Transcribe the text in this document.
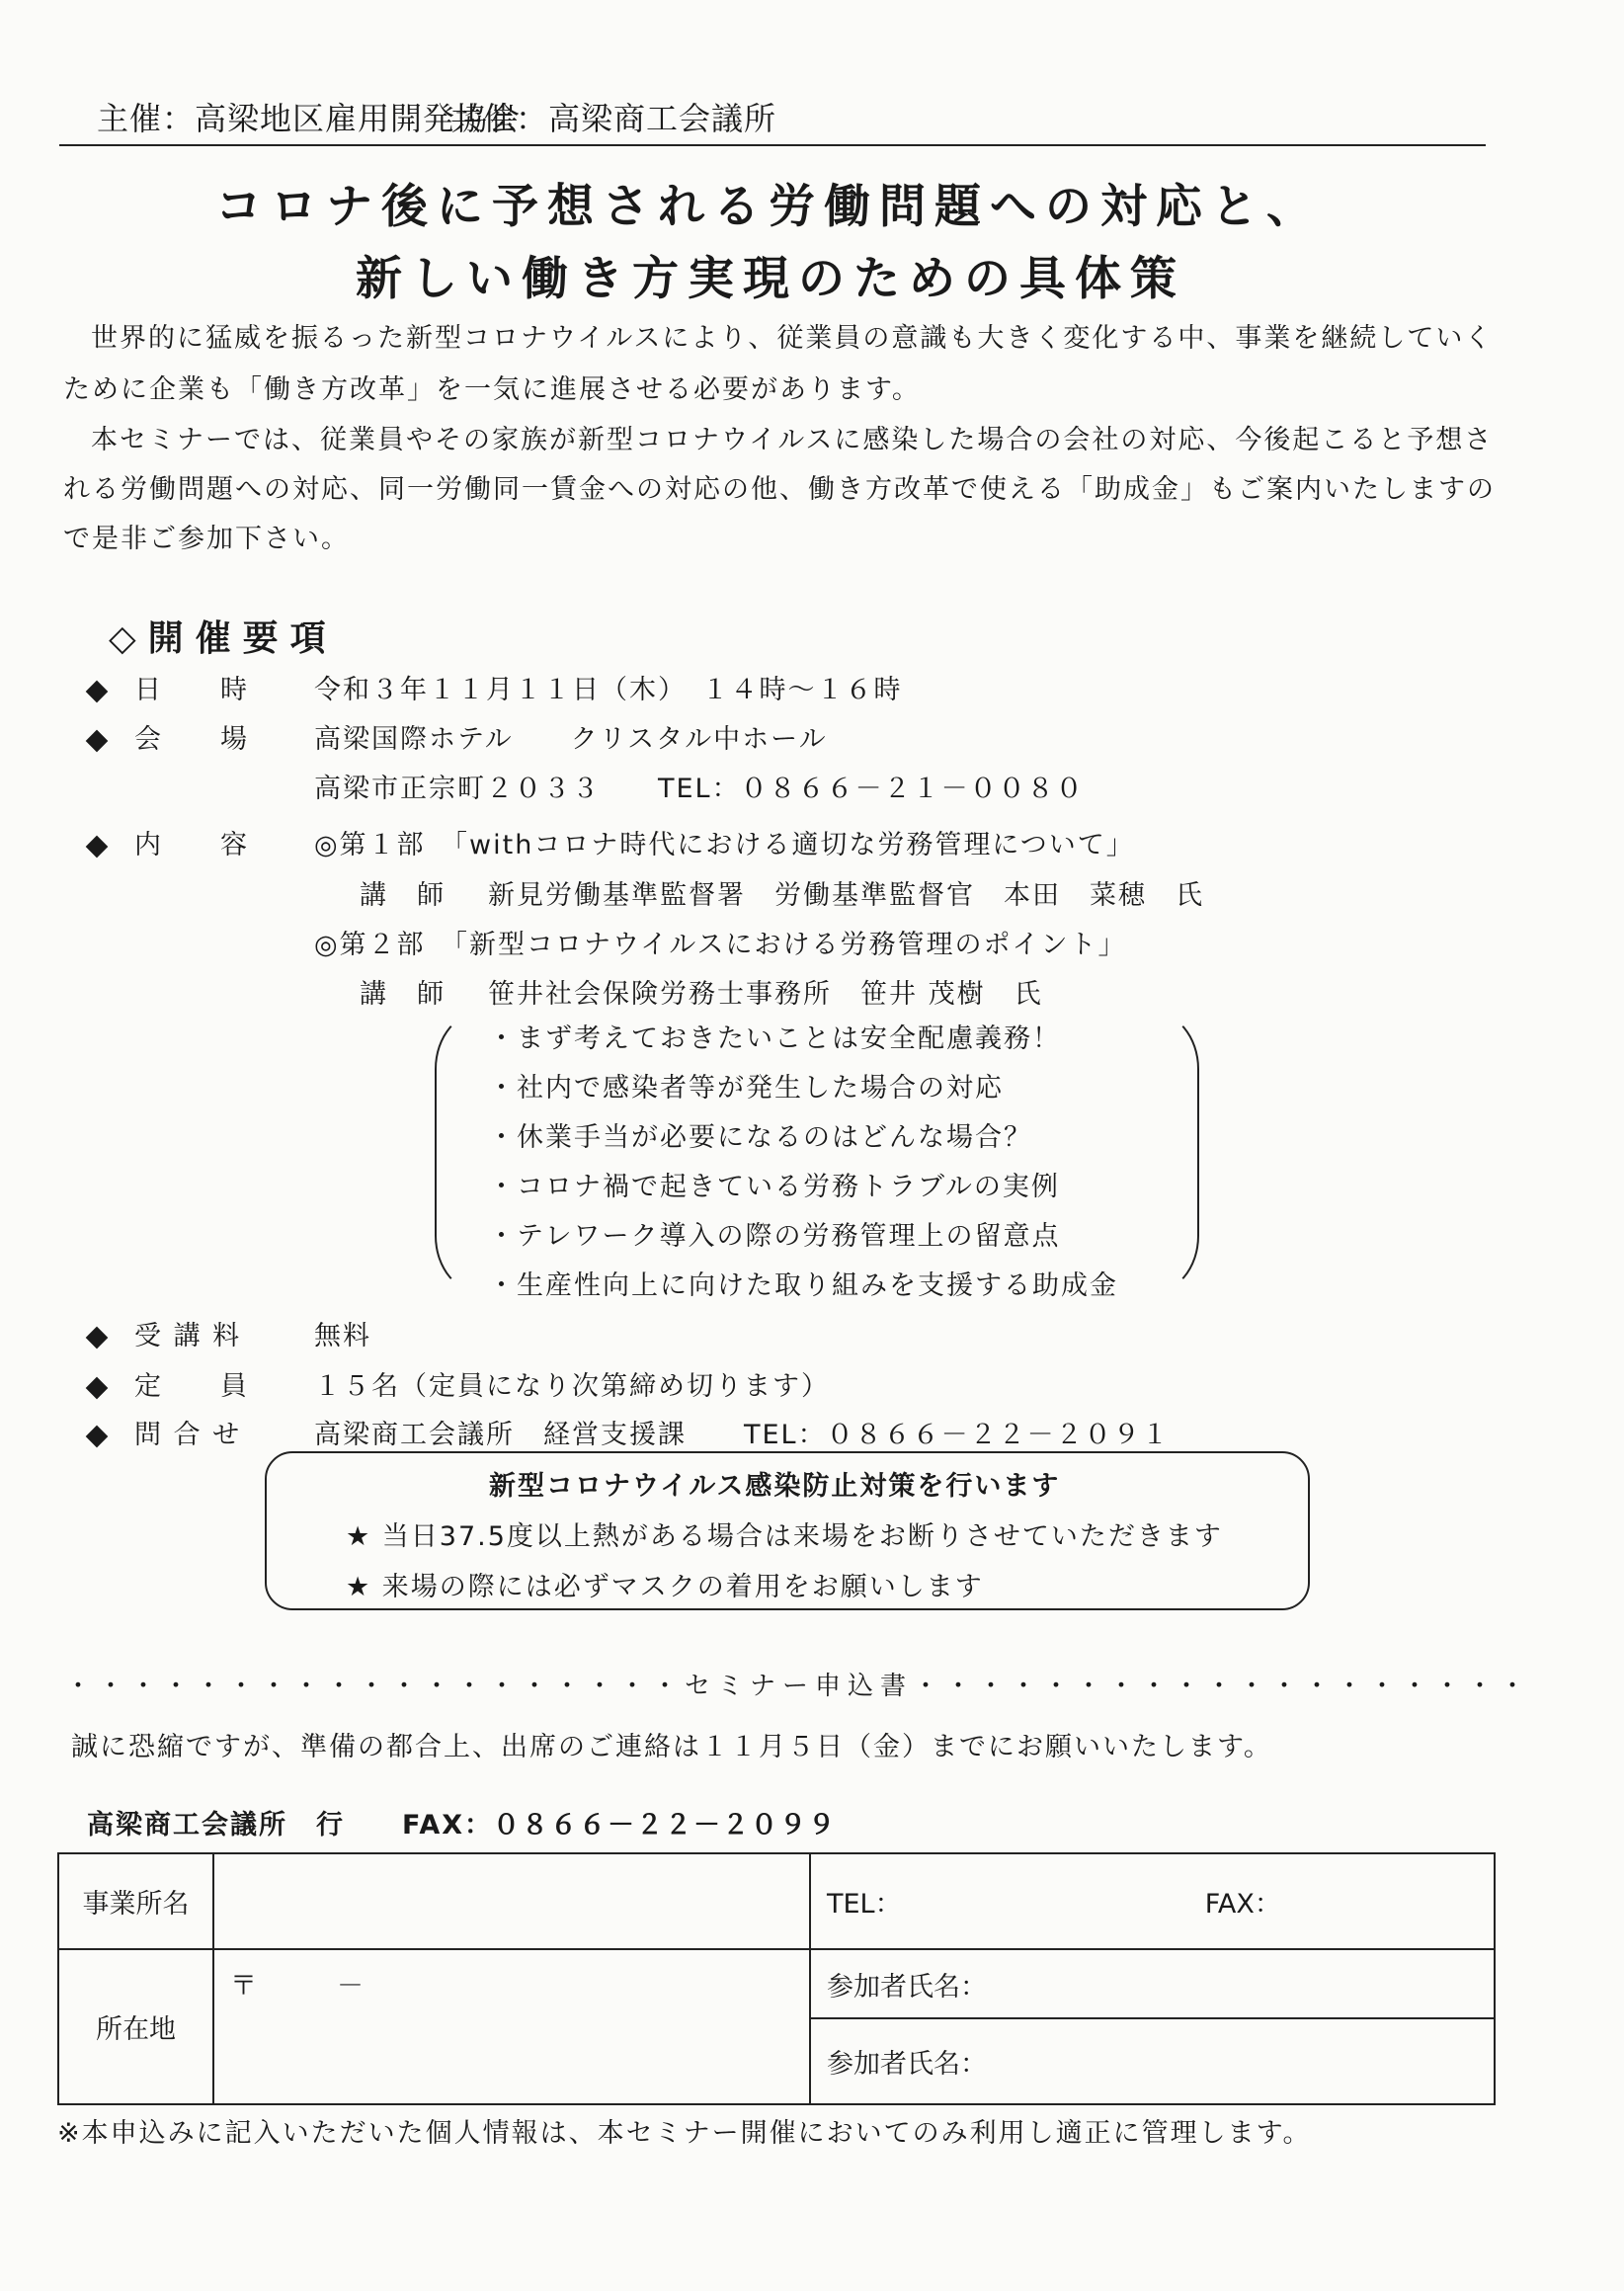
主催：高梁地区雇用開発協会
共催：高梁商工会議所
コロナ後に予想される労働問題への対応と、
新しい働き方実現のための具体策
世界的に猛威を振るった新型コロナウイルスにより、従業員の意識も大きく変化する中、事業を継続していく
ために企業も「働き方改革」を一気に進展させる必要があります。
本セミナーでは、従業員やその家族が新型コロナウイルスに感染した場合の会社の対応、今後起こると予想さ
れる労働問題への対応、同一労働同一賃金への対応の他、働き方改革で使える「助成金」もご案内いたしますの
で是非ご参加下さい。
◇開催要項
日　　時 令和３年１１月１１日（木）　１４時～１６時
会　　場 高梁国際ホテル　　クリスタル中ホール
高梁市正宗町２０３３　　TEL：０８６６－２１－００８０
内　　容 ◎第１部　「withコロナ時代における適切な労務管理について」
講　師 新見労働基準監督署　労働基準監督官　本田　菜穂　氏
◎第２部　「新型コロナウイルスにおける労務管理のポイント」
講　師 笹井社会保険労務士事務所　笹井 茂樹　氏
・まず考えておきたいことは安全配慮義務！
・社内で感染者等が発生した場合の対応
・休業手当が必要になるのはどんな場合？
・コロナ禍で起きている労務トラブルの実例
・テレワーク導入の際の労務管理上の留意点
・生産性向上に向けた取り組みを支援する助成金
受 講 料	無料
定　　員 １５名（定員になり次第締め切ります）
問 合 せ	高梁商工会議所　経営支援課　　TEL：０８６６－２２－２０９１
新型コロナウイルス感染防止対策を行います
★ 当日37.5度以上熱がある場合は来場をお断りさせていただきます
★ 来場の際には必ずマスクの着用をお願いします
・・・・・・・・・・・・・・・・・・・セミナー申込書・・・・・・・・・・・・・・・・・・・
誠に恐縮ですが、準備の都合上、出席のご連絡は１１月５日（金）までにお願いいたします。
高梁商工会議所　行　　FAX：０８６６－２２－２０９９
事業所名		TEL： FAX：
所在地	〒　　　－	参加者氏名：
		参加者氏名：
※本申込みに記入いただいた個人情報は、本セミナー開催においてのみ利用し適正に管理します。
